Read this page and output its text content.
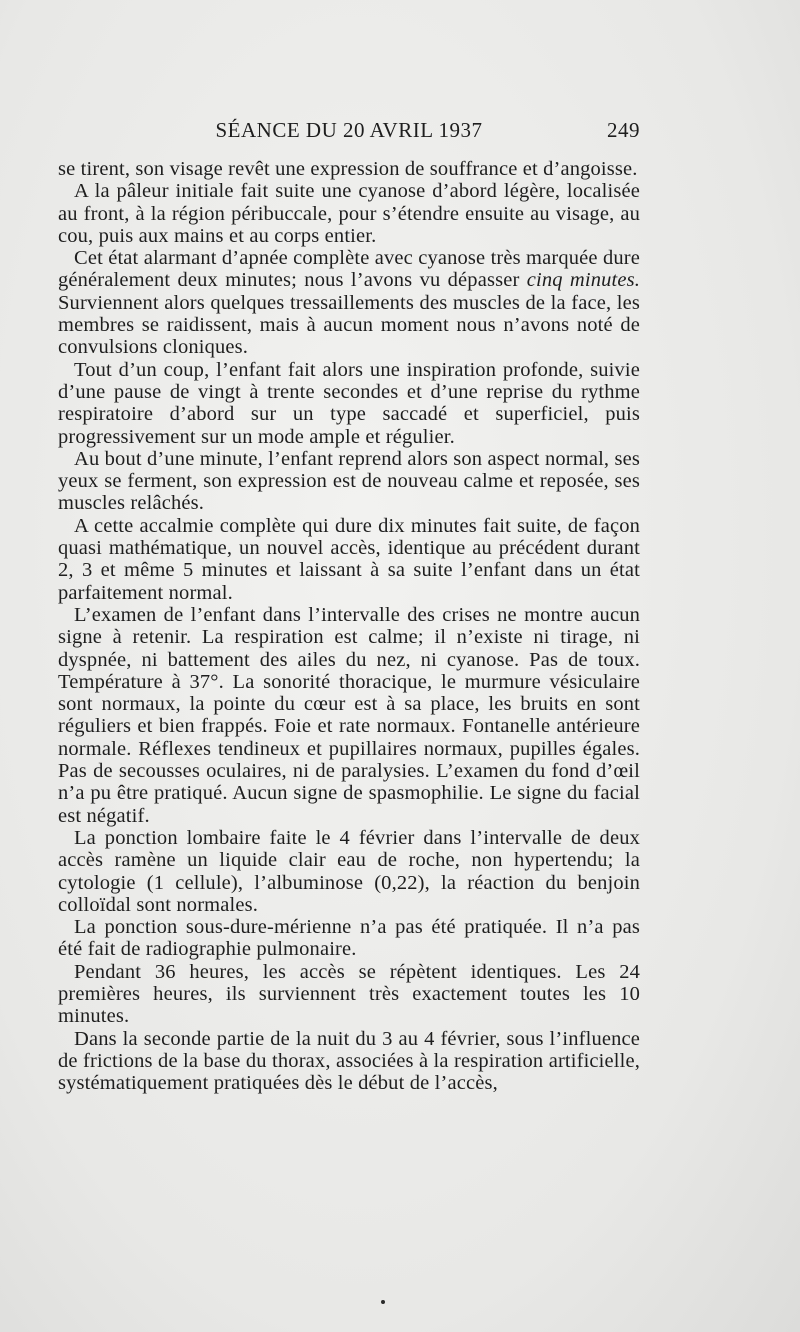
SÉANCE DU 20 AVRIL 1937	249

se tirent, son visage revêt une expression de souffrance et d’angoisse.

A la pâleur initiale fait suite une cyanose d’abord légère, localisée au front, à la région péribuccale, pour s’étendre ensuite au visage, au cou, puis aux mains et au corps entier.

Cet état alarmant d’apnée complète avec cyanose très marquée dure généralement deux minutes; nous l’avons vu dépasser cinq minutes. Surviennent alors quelques tressaillements des muscles de la face, les membres se raidissent, mais à aucun moment nous n’avons noté de convulsions cloniques.

Tout d’un coup, l’enfant fait alors une inspiration profonde, suivie d’une pause de vingt à trente secondes et d’une reprise du rythme respiratoire d’abord sur un type saccadé et superficiel, puis progressivement sur un mode ample et régulier.

Au bout d’une minute, l’enfant reprend alors son aspect normal, ses yeux se ferment, son expression est de nouveau calme et reposée, ses muscles relâchés.

A cette accalmie complète qui dure dix minutes fait suite, de façon quasi mathématique, un nouvel accès, identique au précédent durant 2, 3 et même 5 minutes et laissant à sa suite l’enfant dans un état parfaitement normal.

L’examen de l’enfant dans l’intervalle des crises ne montre aucun signe à retenir. La respiration est calme; il n’existe ni tirage, ni dyspnée, ni battement des ailes du nez, ni cyanose. Pas de toux. Température à 37°. La sonorité thoracique, le murmure vésiculaire sont normaux, la pointe du cœur est à sa place, les bruits en sont réguliers et bien frappés. Foie et rate normaux. Fontanelle antérieure normale. Réflexes tendineux et pupillaires normaux, pupilles égales. Pas de secousses oculaires, ni de paralysies. L’examen du fond d’œil n’a pu être pratiqué. Aucun signe de spasmophilie. Le signe du facial est négatif.

La ponction lombaire faite le 4 février dans l’intervalle de deux accès ramène un liquide clair eau de roche, non hypertendu; la cytologie (1 cellule), l’albuminose (0,22), la réaction du benjoin colloïdal sont normales.

La ponction sous-dure-mérienne n’a pas été pratiquée. Il n’a pas été fait de radiographie pulmonaire.

Pendant 36 heures, les accès se répètent identiques. Les 24 premières heures, ils surviennent très exactement toutes les 10 minutes.

Dans la seconde partie de la nuit du 3 au 4 février, sous l’influence de frictions de la base du thorax, associées à la respiration artificielle, systématiquement pratiquées dès le début de l’accès,
